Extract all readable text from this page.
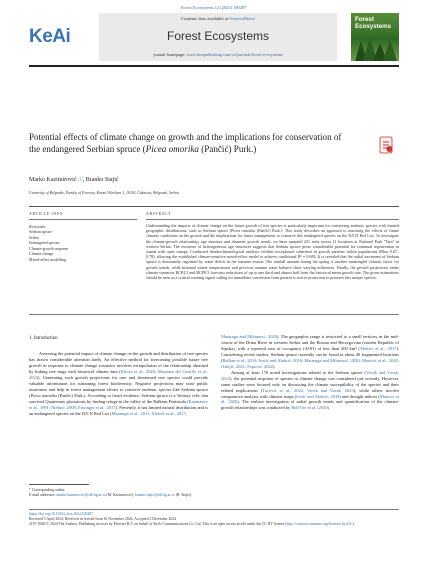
Forest Ecosystems 12 (2025) 100287
KeAi
Contents lists available at ScienceDirect
Forest Ecosystems
journal homepage: www.keaipublishing.com/cn/journals/forest-ecosystems
Forest
Ecosystems
Potential effects of climate change on growth and the implications for conservation of the endangered Serbian spruce (Picea omorika (Pančić) Purk.)
Marko Kazimirović ⓘ, Branko Stajić
University of Belgrade, Faculty of Forestry, Kneza Višeslava 1, 11030, Čukarica, Belgrade, Serbia
ARTICLE INFO	ABSTRACT
Keywords:
Serbian spruce
Serbia
Endangered species
Climate-growth response
Climate change
Mixed-effect modelling
Understanding the impacts of climate change on the future growth of tree species is particularly important for conserving endemic species with limited geographic distributions, such as Serbian spruce (Picea omorika (Pančić) Purk.). This study describes an approach to assessing the effects of future climatic conditions on the growth and the implications for future management to conserve this endangered species on the IUCN Red List. To investigate the climate-growth relationship, age structure and diameter growth trends, we have sampled 231 trees across 11 locations at National Park "Tara" in western Serbia. The existence of heterogeneous age structures suggests that Serbian spruce poses considerable potential for continual regeneration in stands with open canopy. Conducted dendroclimatological analysis exhibits exceptional coherence in growth patterns within populations (Rbar 0.67–0.78), allowing the established climate-sensitive mixed-effect model to achieve conditional R² = 0.683. It is revealed that the radial increment of Serbian spruce is dominantly regulated by water deficit in the summer season. The rainfall amount during the spring is another meaningful climatic factor for growth trends, while minimal winter temperatures and previous autumn water balance show varying influences. Finally, the growth projections under climate scenarios RCP4.5 and RCP8.5 forecasts reductions of up to one third and almost half from the historical mean growth rate. The given estimations should be seen as a critical warning signal calling for immediate conversion from passive to active protection to preserve this unique species.
1. Introduction
Assessing the potential impact of climate change on the growth and distribution of tree species has drawn considerable attention lately. An effective method for forecasting possible future tree growth in response to climate change scenarios involves extrapolation of the relationship obtained by linking tree rings with historical climate data (Klesse et al., 2020; Martinez del Castillo et al., 2022). Generating such growth projections for rare and threatened tree species could provide valuable information for sustaining forest biodiversity. Negative projections may raise public awareness and help in forest management efforts to conserve endemic species like Serbian spruce (Picea omorika (Pančić) Purk.). According to fossil evidence, Serbian spruce is a Tertiary relic that survived Quaternary glaciations by finding refuge in the valley of the Balkans Peninsula (Kuzmanov et al., 1991; Aleksić, 2008; Fissinger et al., 2017). Presently, it has limited natural distribution and is an endangered species on the IUCN Red List (Mataruga et al., 2011; Aleksić et al., 2017;
Mataruga and Milanović, 2020). The geographic range is restricted to a small territory in the mid-course of the Drina River in western Serbia and the Bosnia and Herzegovina (eastern Republic of Srpska), with a reported area of occupancy (AOO) of less than 200 km² (Aleksić et al., 2017). Considering recent studies, Serbian spruce currently can be found in about 40 fragmented locations (Ballian et al., 2016; Ivetić and Aleksić, 2016; Mataruga and Milanović, 2020; Matović et al., 2020; Ostojić, 2021; Popović, 2022).
Among at least 176 noted investigations related to the Serbian spruce (Vacek and Vacek, 2023), the potential response of species to climate change was considered just recently. However, some studies were focused only on discussing the climate susceptibility of the species and their related implications (Tucović et al., 2022; Vacek and Vacek, 2023), while others involve comparative analysis with climatic maps (Ivetić and Aleksić, 2016) and drought indices (Matović et al., 2020). The earliest investigation of radial growth trends and quantification of the climate-growth relationships was conducted by Bell'Oro et al. (2020).
* Corresponding author.
E-mail addresses: marko.kazimirovic@sfb.bg.ac.rs (M. Kazimirović), branko.stajic@sfb.bg.ac.rs (B. Stajić).
https://doi.org/10.1016/j.fecs.2024.100287
Received 5 April 2024; Received in revised form 16 November 2024; Accepted 3 December 2024
2197-5620/© 2024 The Authors. Publishing services by Elsevier B.V. on behalf of KeAi Communications Co. Ltd. This is an open access article under the CC BY license (http://creativecommons.org/licenses/by/4.0/).
